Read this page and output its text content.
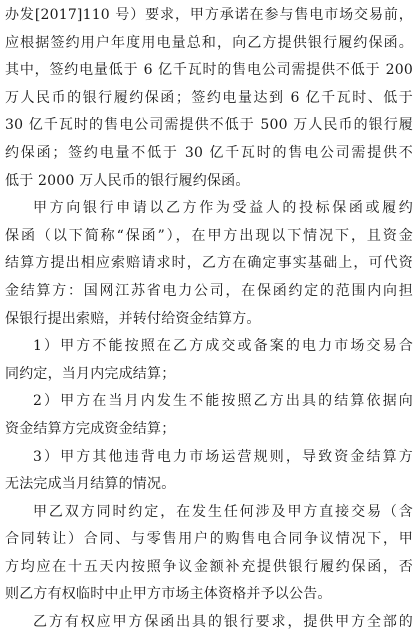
办发[2017]110 号）要求，甲方承诺在参与售电市场交易前，
应根据签约用户年度用电量总和，向乙方提供银行履约保函。
其中，签约电量低于 6 亿千瓦时的售电公司需提供不低于 200
万人民币的银行履约保函；签约电量达到 6 亿千瓦时、低于
30 亿千瓦时的售电公司需提供不低于 500 万人民币的银行履
约保函；签约电量不低于 30 亿千瓦时的售电公司需提供不
低于 2000 万人民币的银行履约保函。
甲方向银行申请以乙方作为受益人的投标保函或履约
保函（以下简称“保函”），在甲方出现以下情况下，且资金
结算方提出相应索赔请求时，乙方在确定事实基础上，可代资
金结算方：国网江苏省电力公司，在保函约定的范围内向担
保银行提出索赔，并转付给资金结算方。
1）甲方不能按照在乙方成交或备案的电力市场交易合
同约定，当月内完成结算；
2）甲方在当月内发生不能按照乙方出具的结算依据向
资金结算方完成资金结算；
3）甲方其他违背电力市场运营规则，导致资金结算方
无法完成当月结算的情况。
甲乙双方同时约定，在发生任何涉及甲方直接交易（含
合同转让）合同、与零售用户的购售电合同争议情况下，甲
方均应在十五天内按照争议金额补充提供银行履约保函，否
则乙方有权临时中止甲方市场主体资格并予以公告。
乙方有权应甲方保函出具的银行要求，提供甲方全部的
